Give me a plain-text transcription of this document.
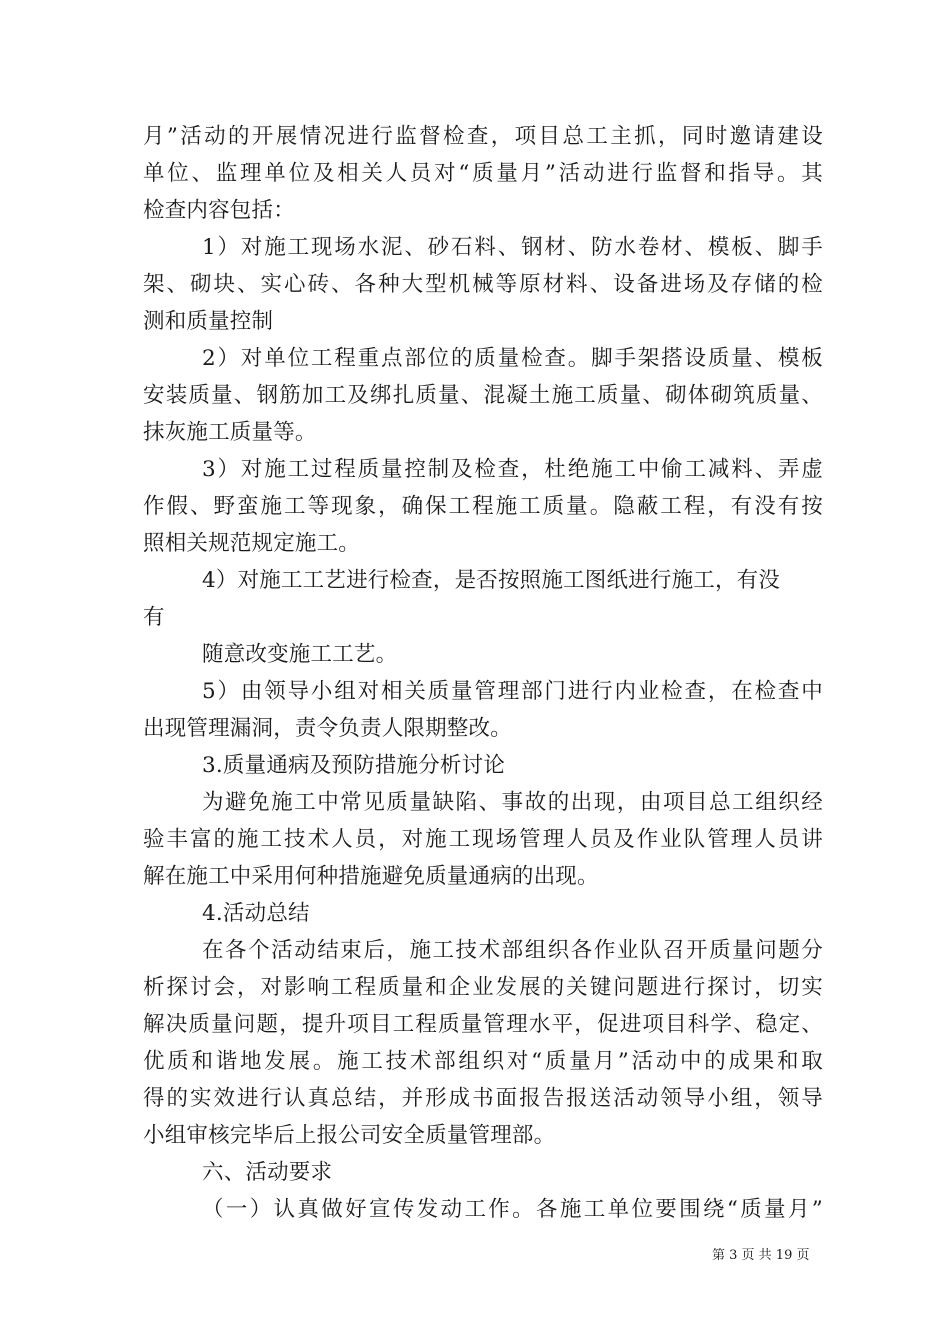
月”活动的开展情况进行监督检查，项目总工主抓，同时邀请建设
单位、监理单位及相关人员对“质量月”活动进行监督和指导。其
检查内容包括：
1）对施工现场水泥、砂石料、钢材、防水卷材、模板、脚手
架、砌块、实心砖、各种大型机械等原材料、设备进场及存储的检
测和质量控制
2）对单位工程重点部位的质量检查。脚手架搭设质量、模板
安装质量、钢筋加工及绑扎质量、混凝土施工质量、砌体砌筑质量、
抹灰施工质量等。
3）对施工过程质量控制及检查，杜绝施工中偷工减料、弄虚
作假、野蛮施工等现象，确保工程施工质量。隐蔽工程，有没有按
照相关规范规定施工。
4）对施工工艺进行检查，是否按照施工图纸进行施工，有没
有
随意改变施工工艺。
5）由领导小组对相关质量管理部门进行内业检查，在检查中
出现管理漏洞，责令负责人限期整改。
3.质量通病及预防措施分析讨论
为避免施工中常见质量缺陷、事故的出现，由项目总工组织经
验丰富的施工技术人员，对施工现场管理人员及作业队管理人员讲
解在施工中采用何种措施避免质量通病的出现。
4.活动总结
在各个活动结束后，施工技术部组织各作业队召开质量问题分
析探讨会，对影响工程质量和企业发展的关键问题进行探讨，切实
解决质量问题，提升项目工程质量管理水平，促进项目科学、稳定、
优质和谐地发展。施工技术部组织对“质量月”活动中的成果和取
得的实效进行认真总结，并形成书面报告报送活动领导小组，领导
小组审核完毕后上报公司安全质量管理部。
六、活动要求
（一）认真做好宣传发动工作。各施工单位要围绕“质量月”
第 3 页 共 19 页
